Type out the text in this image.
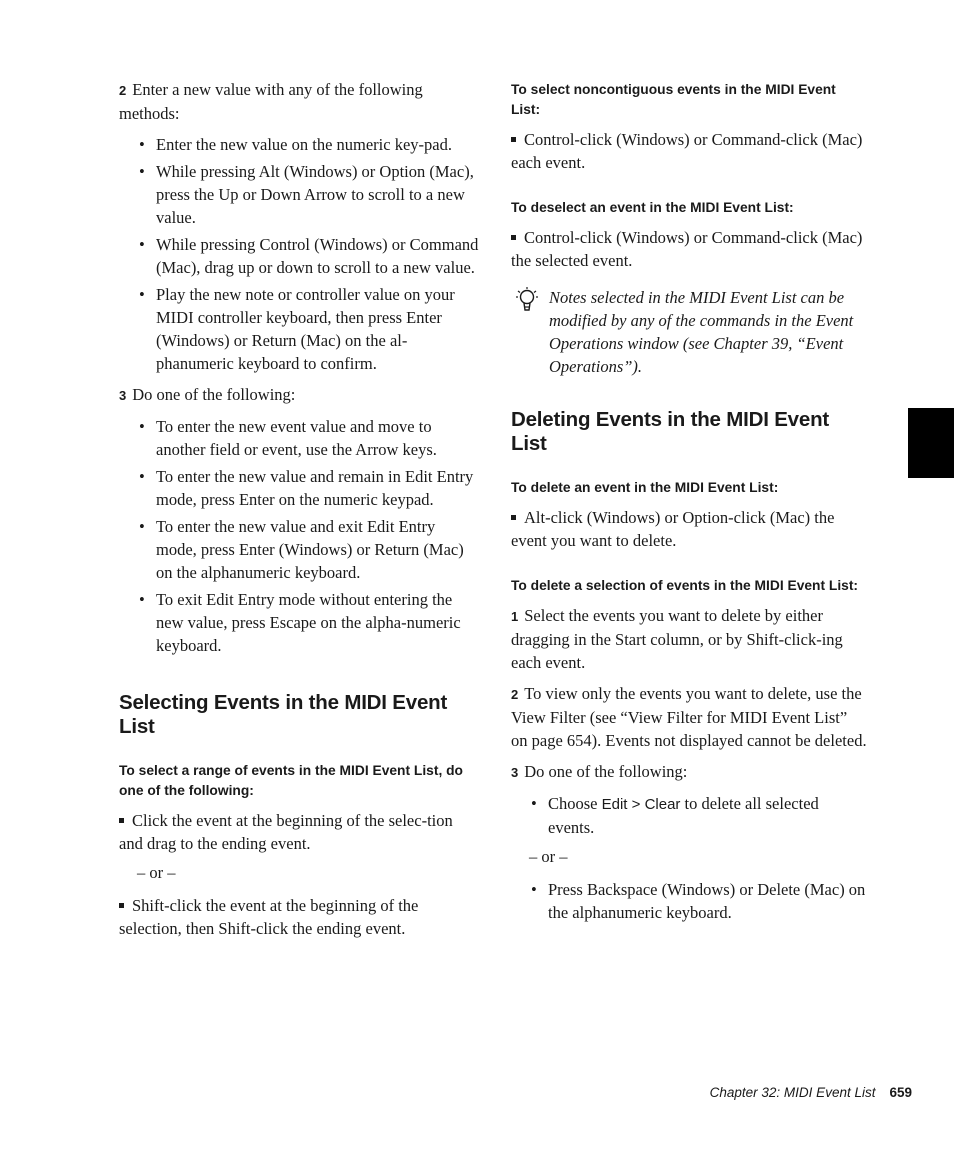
2 Enter a new value with any of the following methods:

• Enter the new value on the numeric key-pad.
• While pressing Alt (Windows) or Option (Mac), press the Up or Down Arrow to scroll to a new value.
• While pressing Control (Windows) or Command (Mac), drag up or down to scroll to a new value.
• Play the new note or controller value on your MIDI controller keyboard, then press Enter (Windows) or Return (Mac) on the al-phanumeric keyboard to confirm.

3 Do one of the following:

• To enter the new event value and move to another field or event, use the Arrow keys.
• To enter the new value and remain in Edit Entry mode, press Enter on the numeric keypad.
• To enter the new value and exit Edit Entry mode, press Enter (Windows) or Return (Mac) on the alphanumeric keyboard.
• To exit Edit Entry mode without entering the new value, press Escape on the alpha-numeric keyboard.
Selecting Events in the MIDI Event List

To select a range of events in the MIDI Event List, do one of the following:

Click the event at the beginning of the selec-tion and drag to the ending event.

– or –

Shift-click the event at the beginning of the selection, then Shift-click the ending event.

To select noncontiguous events in the MIDI Event List:

Control-click (Windows) or Command-click (Mac) each event.

To deselect an event in the MIDI Event List:

Control-click (Windows) or Command-click (Mac) the selected event.

Notes selected in the MIDI Event List can be modified by any of the commands in the Event Operations window (see Chapter 39, “Event Operations”).
Deleting Events in the MIDI Event List

To delete an event in the MIDI Event List:

Alt-click (Windows) or Option-click (Mac) the event you want to delete.

To delete a selection of events in the MIDI Event List:

1 Select the events you want to delete by either dragging in the Start column, or by Shift-click-ing each event.

2 To view only the events you want to delete, use the View Filter (see “View Filter for MIDI Event List” on page 654). Events not displayed cannot be deleted.

3 Do one of the following:

• Choose Edit > Clear to delete all selected events.

– or –

• Press Backspace (Windows) or Delete (Mac) on the alphanumeric keyboard.
Chapter 32: MIDI Event List 659
